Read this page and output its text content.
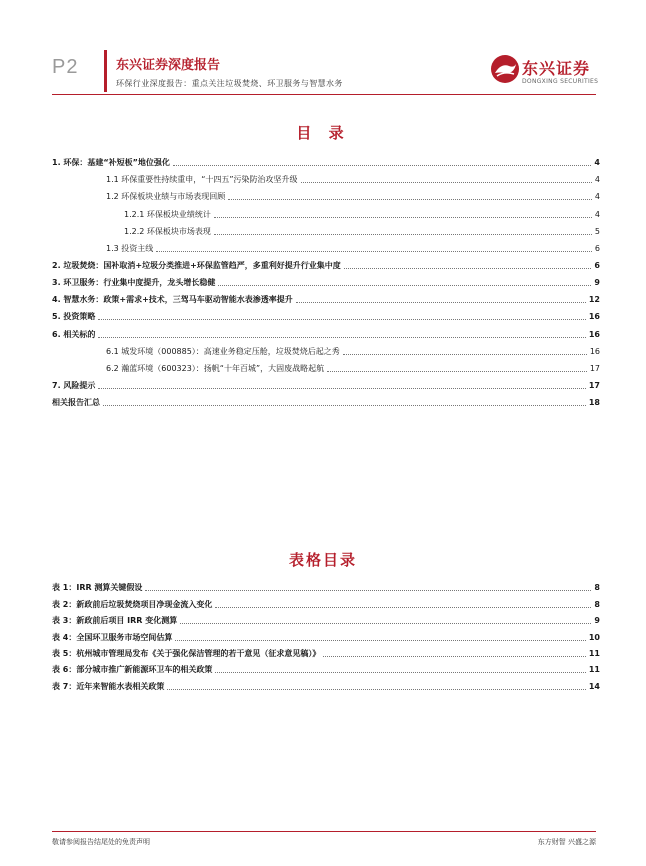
P2	东兴证券深度报告
环保行业深度报告：重点关注垃圾焚烧、环卫服务与智慧水务
东兴证券
DONGXING SECURITIES
目 录
1. 环保：基建“补短板”地位强化	4
1.1 环保重要性持续重申，“十四五”污染防治攻坚升级	4
1.2 环保板块业绩与市场表现回顾	4
1.2.1 环保板块业绩统计	4
1.2.2 环保板块市场表现	5
1.3 投资主线	6
2. 垃圾焚烧：国补取消+垃圾分类推进+环保监管趋严，多重利好提升行业集中度	6
3. 环卫服务：行业集中度提升，龙头增长稳健	9
4. 智慧水务：政策+需求+技术，三驾马车驱动智能水表渗透率提升	12
5. 投资策略	16
6. 相关标的	16
6.1 城发环境（000885）：高速业务稳定压舱，垃圾焚烧后起之秀	16
6.2 瀚蓝环境（600323）：扬帆“十年百城”，大固废战略起航	17
7. 风险提示	17
相关报告汇总	18
表格目录
表 1：IRR 测算关键假设	8
表 2：新政前后垃圾焚烧项目净现金流入变化	8
表 3：新政前后项目 IRR 变化测算	9
表 4：全国环卫服务市场空间估算	10
表 5：杭州城市管理局发布《关于强化保洁管理的若干意见（征求意见稿）》	11
表 6：部分城市推广新能源环卫车的相关政策	11
表 7：近年来智能水表相关政策	14
敬请参阅报告结尾处的免责声明	东方财智 兴盛之源
